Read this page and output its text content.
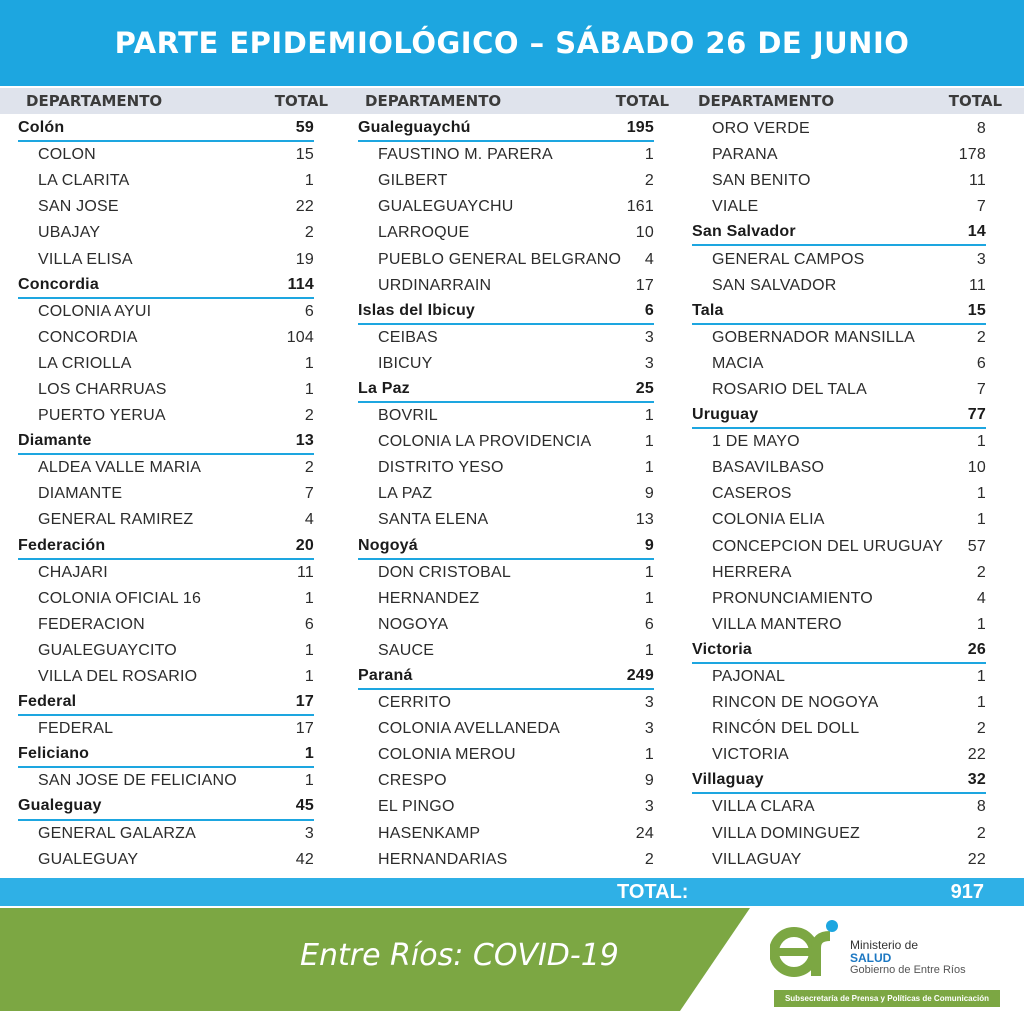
PARTE EPIDEMIOLÓGICO – SÁBADO 26 DE JUNIO
DEPARTAMENTO	TOTAL DEPARTAMENTO	TOTAL DEPARTAMENTO	TOTAL
Colón	59
COLON	15
LA CLARITA	1
SAN JOSE	22
UBAJAY	2
VILLA ELISA	19
Concordia	114
COLONIA AYUI	6
CONCORDIA	104
LA CRIOLLA	1
LOS CHARRUAS	1
PUERTO YERUA	2
Diamante	13
ALDEA VALLE MARIA	2
DIAMANTE	7
GENERAL RAMIREZ	4
Federación	20
CHAJARI	11
COLONIA OFICIAL 16	1
FEDERACION	6
GUALEGUAYCITO	1
VILLA DEL ROSARIO	1
Federal	17
FEDERAL	17
Feliciano	1
SAN JOSE DE FELICIANO	1
Gualeguay	45
GENERAL GALARZA	3
GUALEGUAY	42
Gualeguaychú	195
FAUSTINO M. PARERA	1
GILBERT	2
GUALEGUAYCHU	161
LARROQUE	10
PUEBLO GENERAL BELGRANO 4
URDINARRAIN	17
Islas del Ibicuy	6
CEIBAS	3
IBICUY	3
La Paz	25
BOVRIL	1
COLONIA LA PROVIDENCIA	1
DISTRITO YESO	1
LA PAZ	9
SANTA ELENA	13
Nogoyá	9
DON CRISTOBAL	1
HERNANDEZ	1
NOGOYA	6
SAUCE	1
Paraná	249
CERRITO	3
COLONIA AVELLANEDA	3
COLONIA MEROU	1
CRESPO	9
EL PINGO	3
HASENKAMP	24
HERNANDARIAS	2
ORO VERDE	8
PARANA	178
SAN BENITO	11
VIALE	7
San Salvador	14
GENERAL CAMPOS	3
SAN SALVADOR	11
Tala	15
GOBERNADOR MANSILLA	2
MACIA	6
ROSARIO DEL TALA	7
Uruguay	77
1 DE MAYO	1
BASAVILBASO	10
CASEROS	1
COLONIA ELIA	1
CONCEPCION DEL URUGUAY 57
HERRERA	2
PRONUNCIAMIENTO	4
VILLA MANTERO	1
Victoria	26
PAJONAL	1
RINCON DE NOGOYA	1
RINCÓN DEL DOLL	2
VICTORIA	22
Villaguay	32
VILLA CLARA	8
VILLA DOMINGUEZ	2
VILLAGUAY	22
TOTAL:	917
Entre Ríos: COVID-19	Ministerio de
SALUD
Gobierno de Entre Ríos
Subsecretaría de Prensa y Políticas de Comunicación
